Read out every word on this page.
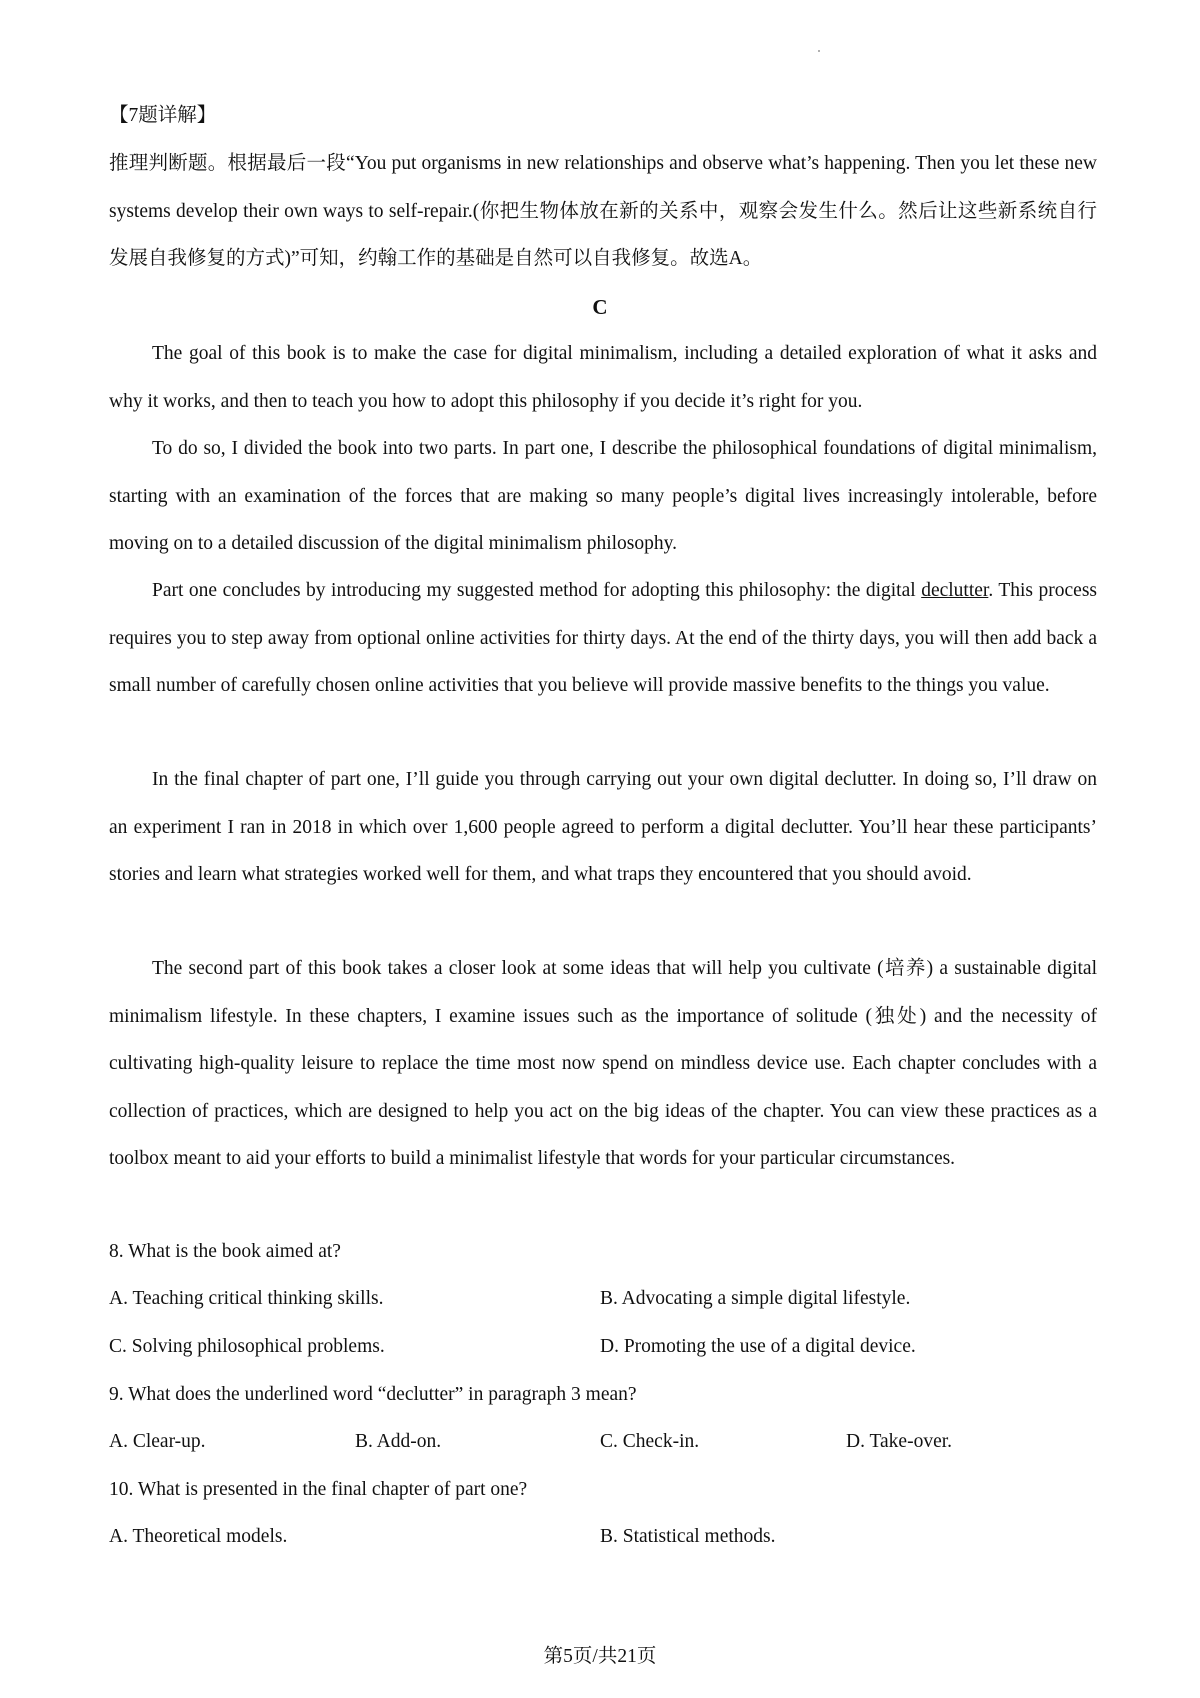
【7题详解】
推理判断题。根据最后一段“You put organisms in new relationships and observe what’s happening. Then you let these new systems develop their own ways to self-repair.(你把生物体放在新的关系中，观察会发生什么。然后让这些新系统自行发展自我修复的方式)”可知，约翰工作的基础是自然可以自我修复。故选A。
C
The goal of this book is to make the case for digital minimalism, including a detailed exploration of what it asks and why it works, and then to teach you how to adopt this philosophy if you decide it’s right for you.
To do so, I divided the book into two parts. In part one, I describe the philosophical foundations of digital minimalism, starting with an examination of the forces that are making so many people’s digital lives increasingly intolerable, before moving on to a detailed discussion of the digital minimalism philosophy.
Part one concludes by introducing my suggested method for adopting this philosophy: the digital declutter. This process requires you to step away from optional online activities for thirty days. At the end of the thirty days, you will then add back a small number of carefully chosen online activities that you believe will provide massive benefits to the things you value.
In the final chapter of part one, I’ll guide you through carrying out your own digital declutter. In doing so, I’ll draw on an experiment I ran in 2018 in which over 1,600 people agreed to perform a digital declutter. You’ll hear these participants’ stories and learn what strategies worked well for them, and what traps they encountered that you should avoid.
The second part of this book takes a closer look at some ideas that will help you cultivate (培养) a sustainable digital minimalism lifestyle. In these chapters, I examine issues such as the importance of solitude (独处) and the necessity of cultivating high-quality leisure to replace the time most now spend on mindless device use. Each chapter concludes with a collection of practices, which are designed to help you act on the big ideas of the chapter. You can view these practices as a toolbox meant to aid your efforts to build a minimalist lifestyle that words for your particular circumstances.
8. What is the book aimed at?
A. Teaching critical thinking skills.	B. Advocating a simple digital lifestyle.
C. Solving philosophical problems.	D. Promoting the use of a digital device.
9. What does the underlined word “declutter” in paragraph 3 mean?
A. Clear-up.	B. Add-on.	C. Check-in.	D. Take-over.
10. What is presented in the final chapter of part one?
A. Theoretical models.	B. Statistical methods.
第5页/共21页
